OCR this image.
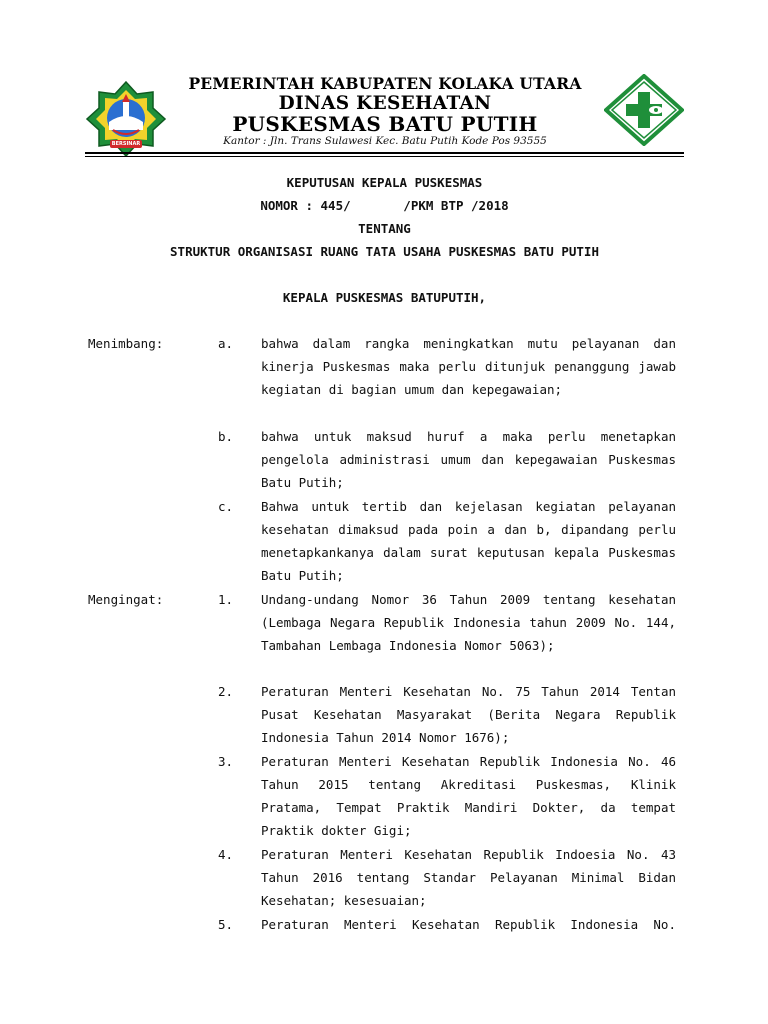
BERSINAR
PEMERINTAH KABUPATEN KOLAKA UTARA
DINAS KESEHATAN
PUSKESMAS BATU PUTIH
Kantor : Jln. Trans Sulawesi Kec. Batu Putih Kode Pos 93555
KEPUTUSAN KEPALA PUSKESMAS
NOMOR : 445/       /PKM BTP /2018
TENTANG
STRUKTUR ORGANISASI RUANG TATA USAHA PUSKESMAS BATU PUTIH
KEPALA PUSKESMAS BATUPUTIH,
Menimbang:	a. bahwa dalam rangka meningkatkan mutu pelayanan dan kinerja Puskesmas maka perlu ditunjuk penanggung jawab kegiatan di bagian umum dan kepegawaian;
b. bahwa untuk maksud huruf a maka perlu menetapkan pengelola administrasi umum dan kepegawaian Puskesmas Batu Putih;
c. Bahwa untuk tertib dan kejelasan kegiatan pelayanan kesehatan dimaksud pada poin a dan b, dipandang perlu menetapkankanya dalam surat keputusan kepala Puskesmas Batu Putih;
Mengingat:	1. Undang-undang Nomor 36 Tahun 2009 tentang kesehatan (Lembaga Negara Republik Indonesia tahun 2009 No. 144, Tambahan Lembaga Indonesia Nomor 5063);
2. Peraturan Menteri Kesehatan No. 75 Tahun 2014 Tentan Pusat Kesehatan Masyarakat (Berita Negara Republik Indonesia Tahun 2014 Nomor 1676);
3. Peraturan Menteri Kesehatan Republik Indonesia No. 46 Tahun 2015 tentang Akreditasi Puskesmas, Klinik Pratama, Tempat Praktik Mandiri Dokter, da tempat Praktik dokter Gigi;
4. Peraturan Menteri Kesehatan Republik Indoesia No. 43 Tahun 2016 tentang Standar Pelayanan Minimal Bidan Kesehatan; kesesuaian;
5. Peraturan Menteri Kesehatan Republik Indonesia No.
